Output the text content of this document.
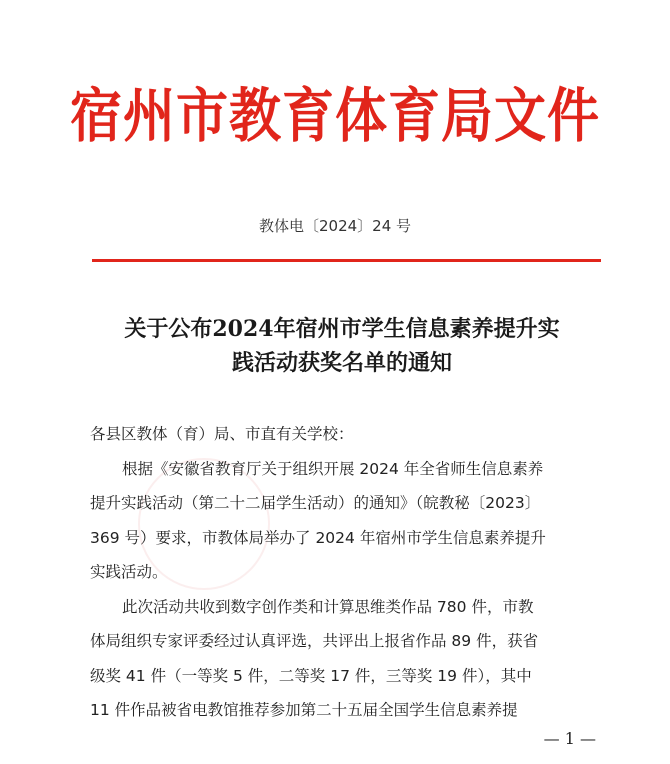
宿州市教育体育局文件
教体电〔2024〕24 号
关于公布2024年宿州市学生信息素养提升实
践活动获奖名单的通知
各县区教体（育）局、市直有关学校：
根据《安徽省教育厅关于组织开展 2024 年全省师生信息素养
提升实践活动（第二十二届学生活动）的通知》（皖教秘〔2023〕
369 号）要求，市教体局举办了 2024 年宿州市学生信息素养提升
实践活动。
此次活动共收到数字创作类和计算思维类作品 780 件，市教
体局组织专家评委经过认真评选，共评出上报省作品 89 件，获省
级奖 41 件（一等奖 5 件，二等奖 17 件，三等奖 19 件），其中
11 件作品被省电教馆推荐参加第二十五届全国学生信息素养提
— 1 —
